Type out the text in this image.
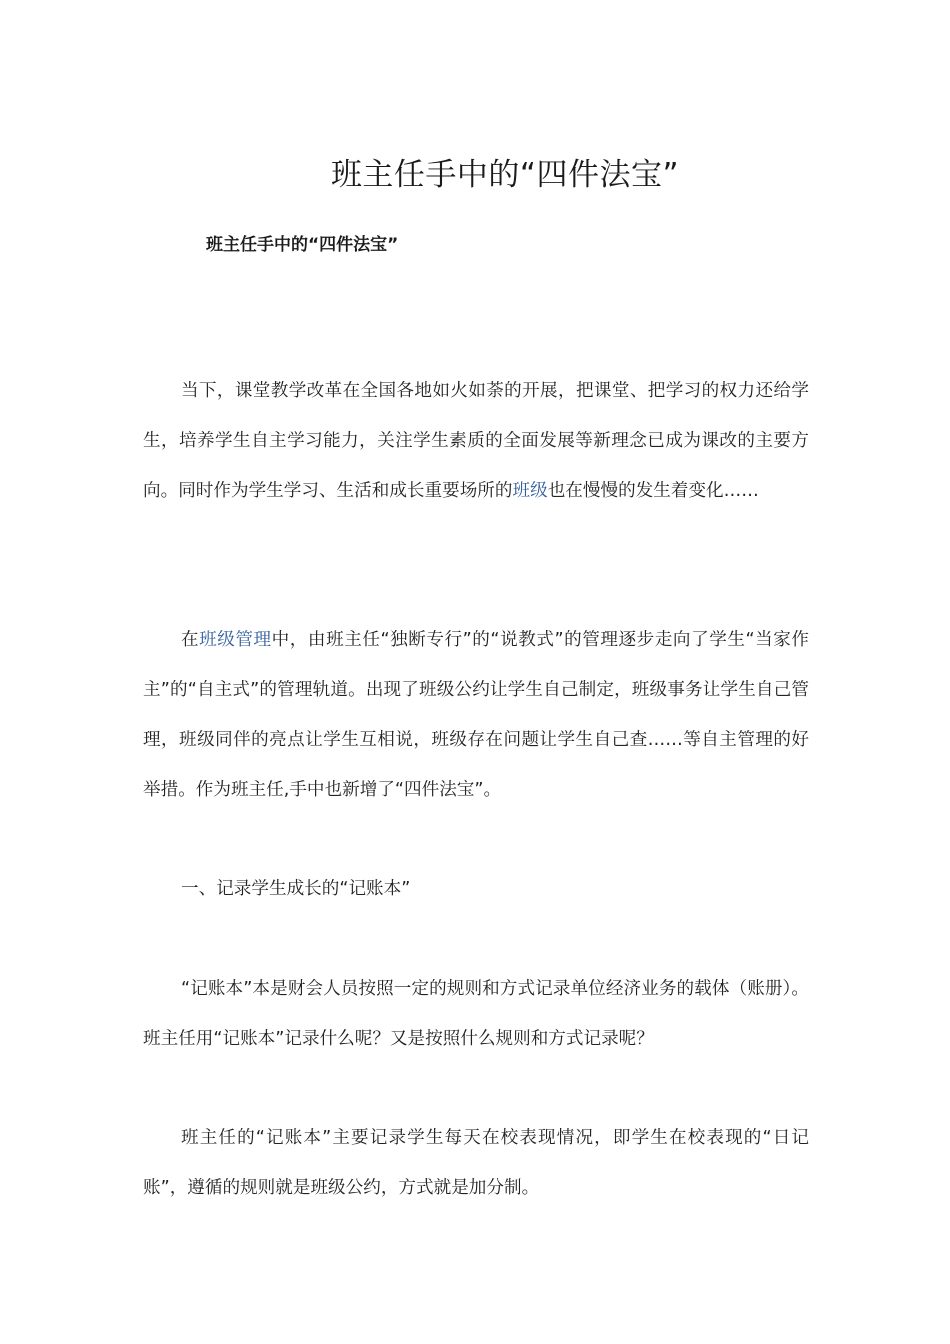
班主任手中的“四件法宝”
班主任手中的“四件法宝”

当下，课堂教学改革在全国各地如火如荼的开展，把课堂、把学习的权力还给学生，培养学生自主学习能力，关注学生素质的全面发展等新理念已成为课改的主要方向。同时作为学生学习、生活和成长重要场所的班级也在慢慢的发生着变化……

在班级管理中，由班主任“独断专行”的“说教式”的管理逐步走向了学生“当家作主”的“自主式”的管理轨道。出现了班级公约让学生自己制定，班级事务让学生自己管理，班级同伴的亮点让学生互相说，班级存在问题让学生自己查……等自主管理的好举措。作为班主任,手中也新增了“四件法宝”。

一、记录学生成长的“记账本”

“记账本”本是财会人员按照一定的规则和方式记录单位经济业务的载体（账册）。班主任用“记账本”记录什么呢？又是按照什么规则和方式记录呢？

班主任的“记账本”主要记录学生每天在校表现情况，即学生在校表现的“日记账”，遵循的规则就是班级公约，方式就是加分制。
